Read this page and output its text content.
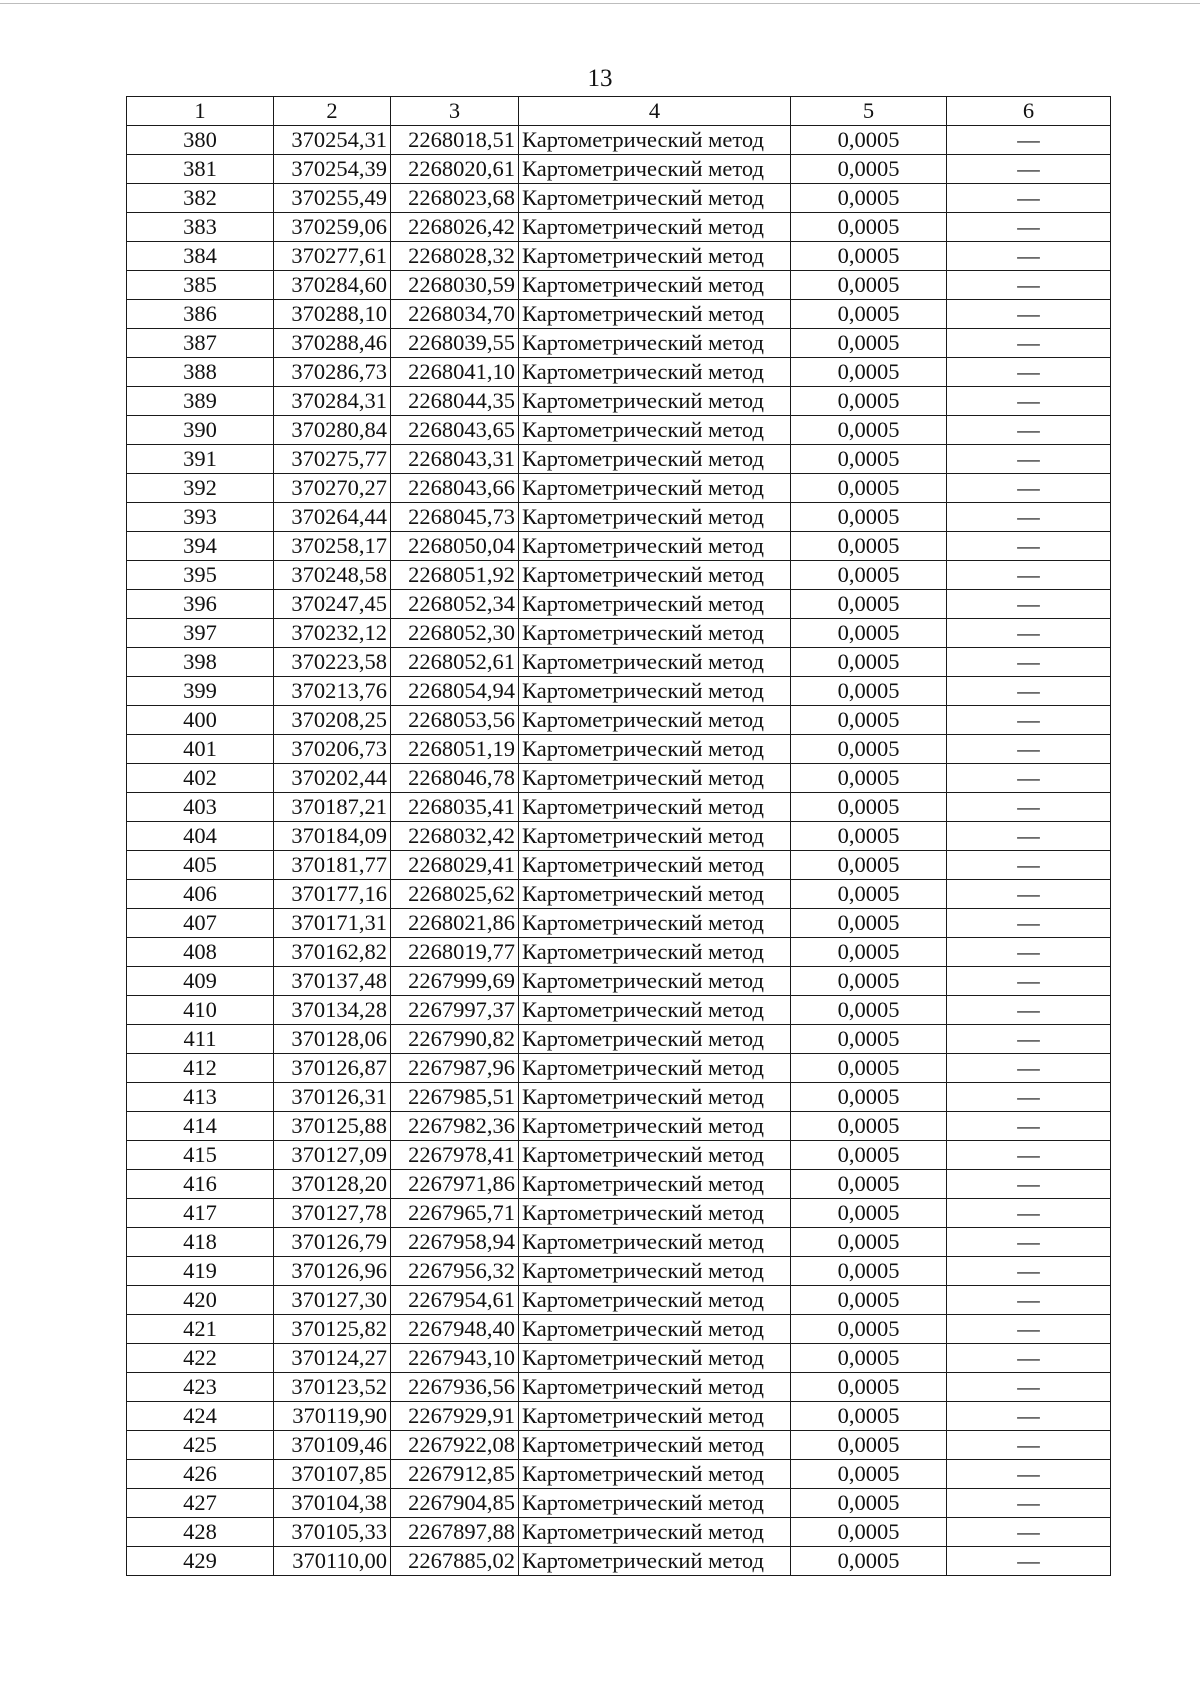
13
1	2	3	4	5	6
380	370254,31	2268018,51	Картометрический метод	0,0005	—
381	370254,39	2268020,61	Картометрический метод	0,0005	—
382	370255,49	2268023,68	Картометрический метод	0,0005	—
383	370259,06	2268026,42	Картометрический метод	0,0005	—
384	370277,61	2268028,32	Картометрический метод	0,0005	—
385	370284,60	2268030,59	Картометрический метод	0,0005	—
386	370288,10	2268034,70	Картометрический метод	0,0005	—
387	370288,46	2268039,55	Картометрический метод	0,0005	—
388	370286,73	2268041,10	Картометрический метод	0,0005	—
389	370284,31	2268044,35	Картометрический метод	0,0005	—
390	370280,84	2268043,65	Картометрический метод	0,0005	—
391	370275,77	2268043,31	Картометрический метод	0,0005	—
392	370270,27	2268043,66	Картометрический метод	0,0005	—
393	370264,44	2268045,73	Картометрический метод	0,0005	—
394	370258,17	2268050,04	Картометрический метод	0,0005	—
395	370248,58	2268051,92	Картометрический метод	0,0005	—
396	370247,45	2268052,34	Картометрический метод	0,0005	—
397	370232,12	2268052,30	Картометрический метод	0,0005	—
398	370223,58	2268052,61	Картометрический метод	0,0005	—
399	370213,76	2268054,94	Картометрический метод	0,0005	—
400	370208,25	2268053,56	Картометрический метод	0,0005	—
401	370206,73	2268051,19	Картометрический метод	0,0005	—
402	370202,44	2268046,78	Картометрический метод	0,0005	—
403	370187,21	2268035,41	Картометрический метод	0,0005	—
404	370184,09	2268032,42	Картометрический метод	0,0005	—
405	370181,77	2268029,41	Картометрический метод	0,0005	—
406	370177,16	2268025,62	Картометрический метод	0,0005	—
407	370171,31	2268021,86	Картометрический метод	0,0005	—
408	370162,82	2268019,77	Картометрический метод	0,0005	—
409	370137,48	2267999,69	Картометрический метод	0,0005	—
410	370134,28	2267997,37	Картометрический метод	0,0005	—
411	370128,06	2267990,82	Картометрический метод	0,0005	—
412	370126,87	2267987,96	Картометрический метод	0,0005	—
413	370126,31	2267985,51	Картометрический метод	0,0005	—
414	370125,88	2267982,36	Картометрический метод	0,0005	—
415	370127,09	2267978,41	Картометрический метод	0,0005	—
416	370128,20	2267971,86	Картометрический метод	0,0005	—
417	370127,78	2267965,71	Картометрический метод	0,0005	—
418	370126,79	2267958,94	Картометрический метод	0,0005	—
419	370126,96	2267956,32	Картометрический метод	0,0005	—
420	370127,30	2267954,61	Картометрический метод	0,0005	—
421	370125,82	2267948,40	Картометрический метод	0,0005	—
422	370124,27	2267943,10	Картометрический метод	0,0005	—
423	370123,52	2267936,56	Картометрический метод	0,0005	—
424	370119,90	2267929,91	Картометрический метод	0,0005	—
425	370109,46	2267922,08	Картометрический метод	0,0005	—
426	370107,85	2267912,85	Картометрический метод	0,0005	—
427	370104,38	2267904,85	Картометрический метод	0,0005	—
428	370105,33	2267897,88	Картометрический метод	0,0005	—
429	370110,00	2267885,02	Картометрический метод	0,0005	—
